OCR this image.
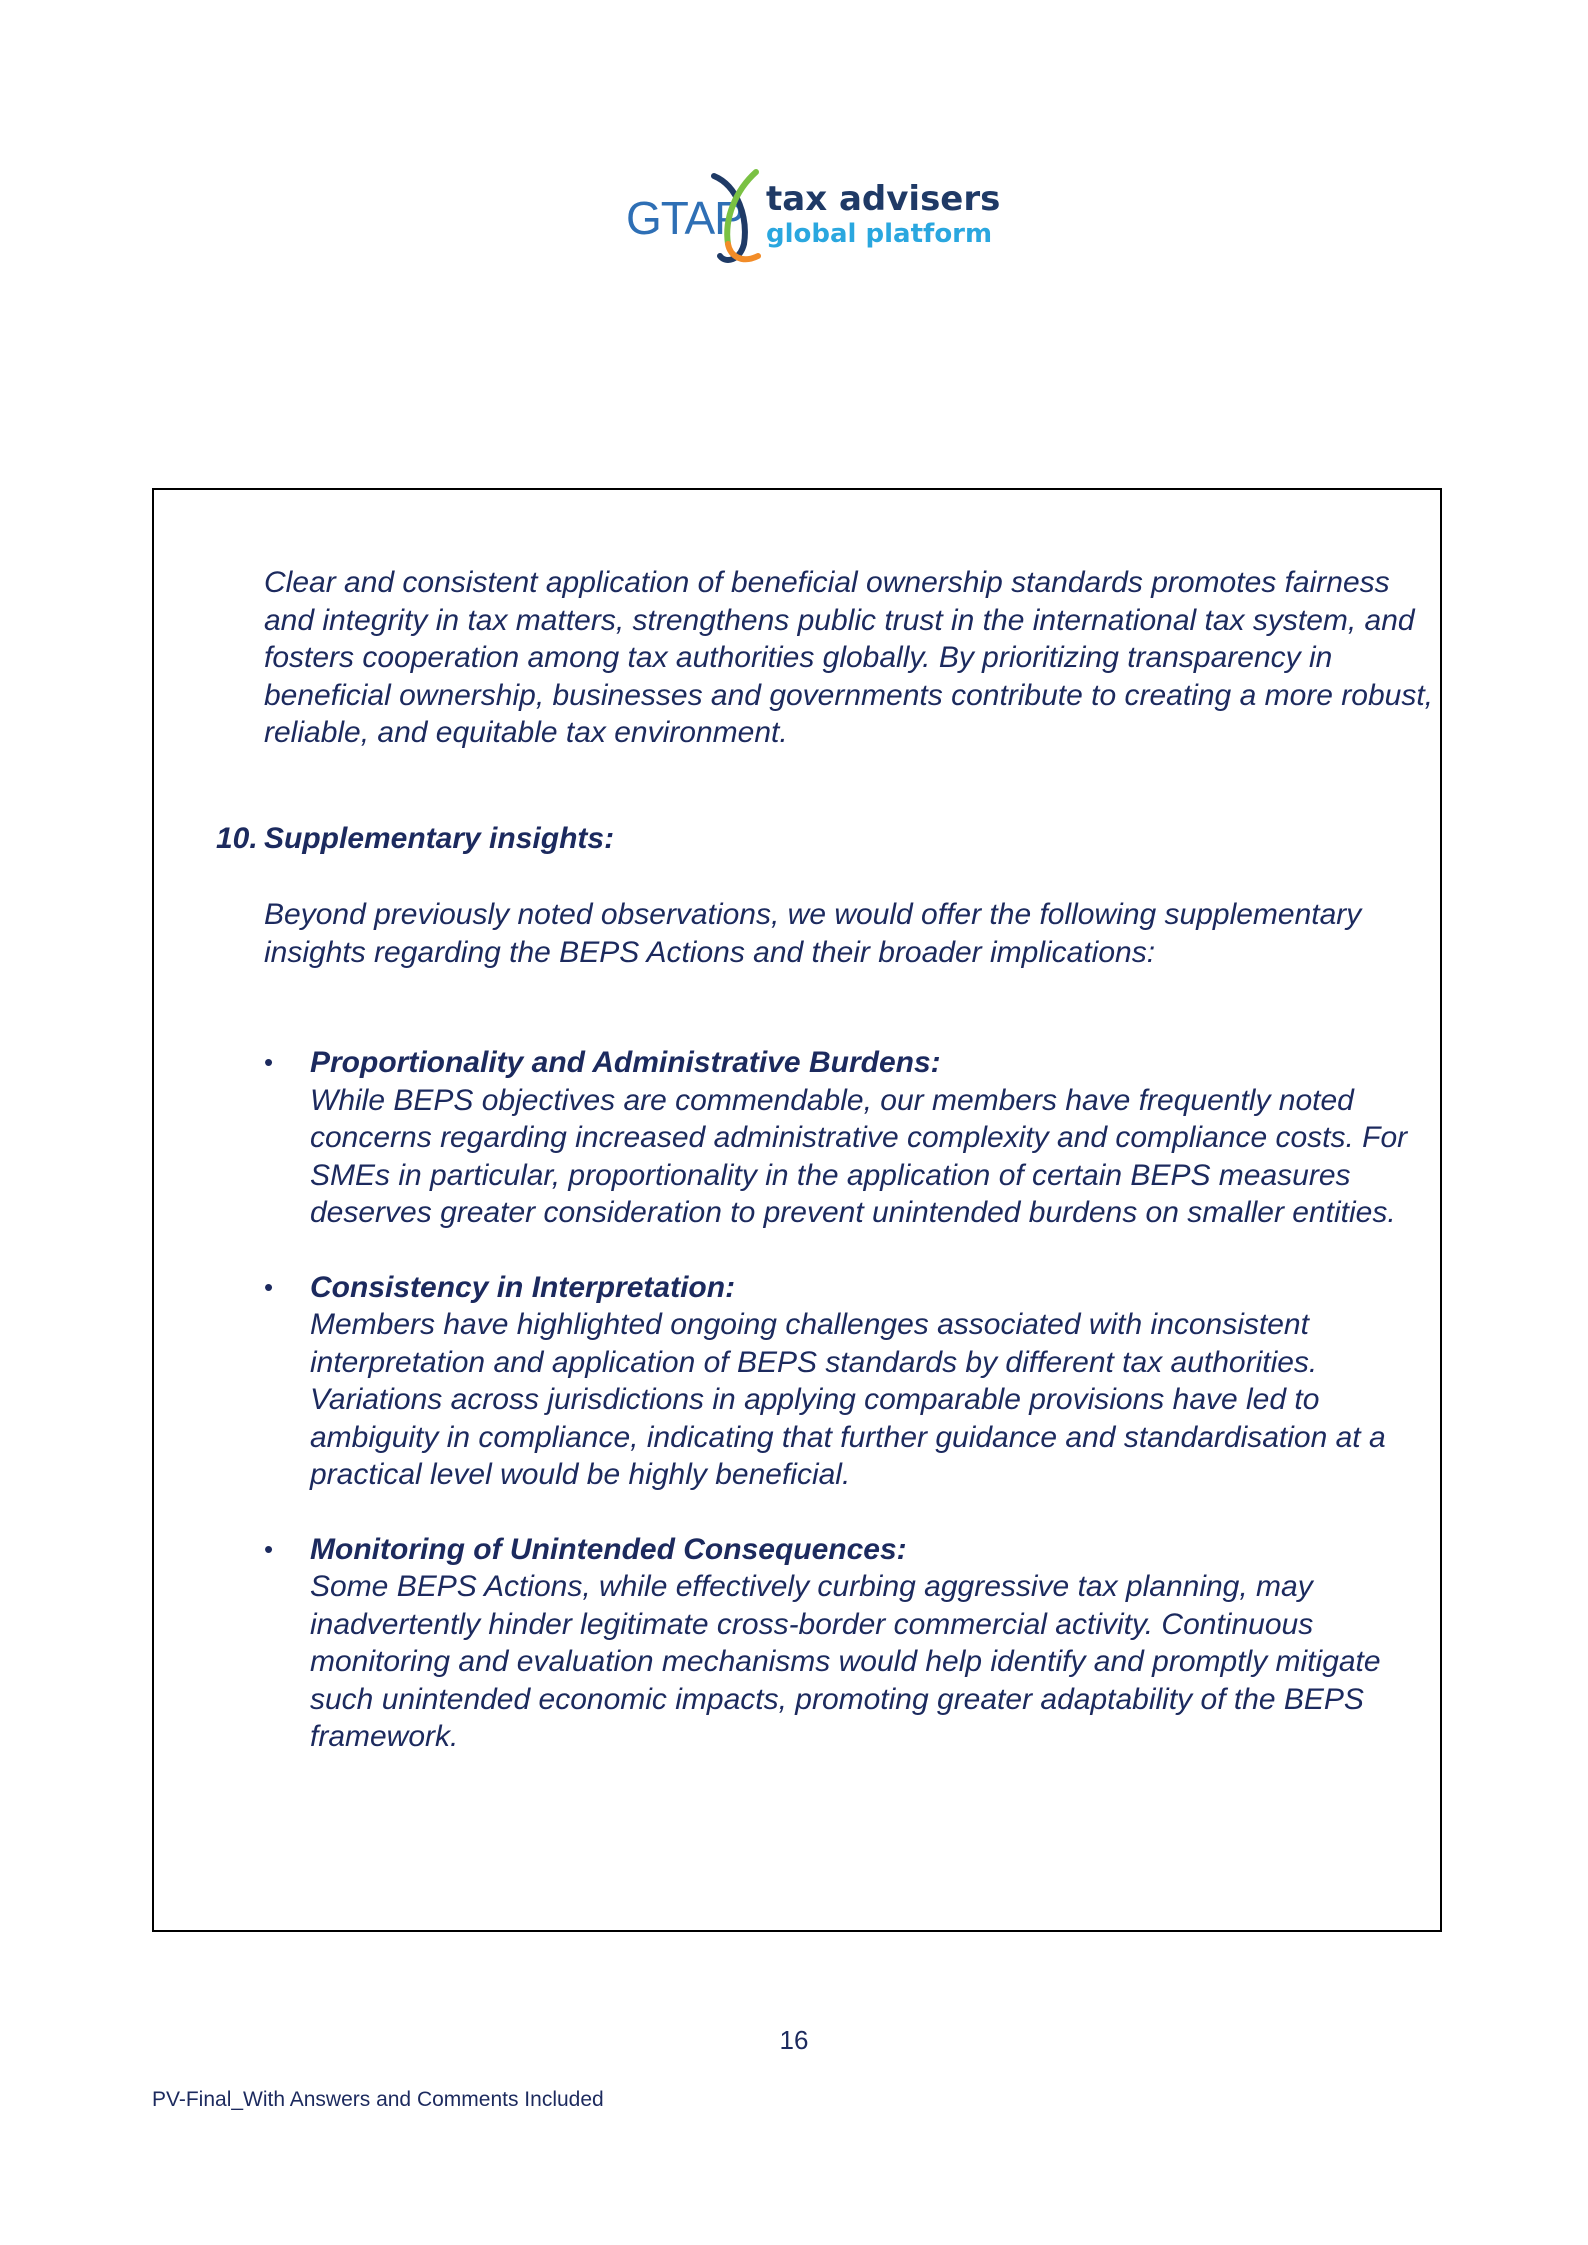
GTAP tax advisers
global platform

Clear and consistent application of beneficial ownership standards promotes fairness and integrity in tax matters, strengthens public trust in the international tax system, and fosters cooperation among tax authorities globally. By prioritizing transparency in beneficial ownership, businesses and governments contribute to creating a more robust, reliable, and equitable tax environment.

10. Supplementary insights:

Beyond previously noted observations, we would offer the following supplementary insights regarding the BEPS Actions and their broader implications:

• Proportionality and Administrative Burdens:
While BEPS objectives are commendable, our members have frequently noted concerns regarding increased administrative complexity and compliance costs. For SMEs in particular, proportionality in the application of certain BEPS measures deserves greater consideration to prevent unintended burdens on smaller entities.
• Consistency in Interpretation:
Members have highlighted ongoing challenges associated with inconsistent interpretation and application of BEPS standards by different tax authorities. Variations across jurisdictions in applying comparable provisions have led to ambiguity in compliance, indicating that further guidance and standardisation at a practical level would be highly beneficial.
• Monitoring of Unintended Consequences:
Some BEPS Actions, while effectively curbing aggressive tax planning, may inadvertently hinder legitimate cross-border commercial activity. Continuous monitoring and evaluation mechanisms would help identify and promptly mitigate such unintended economic impacts, promoting greater adaptability of the BEPS framework.

16

PV-Final_With Answers and Comments Included
